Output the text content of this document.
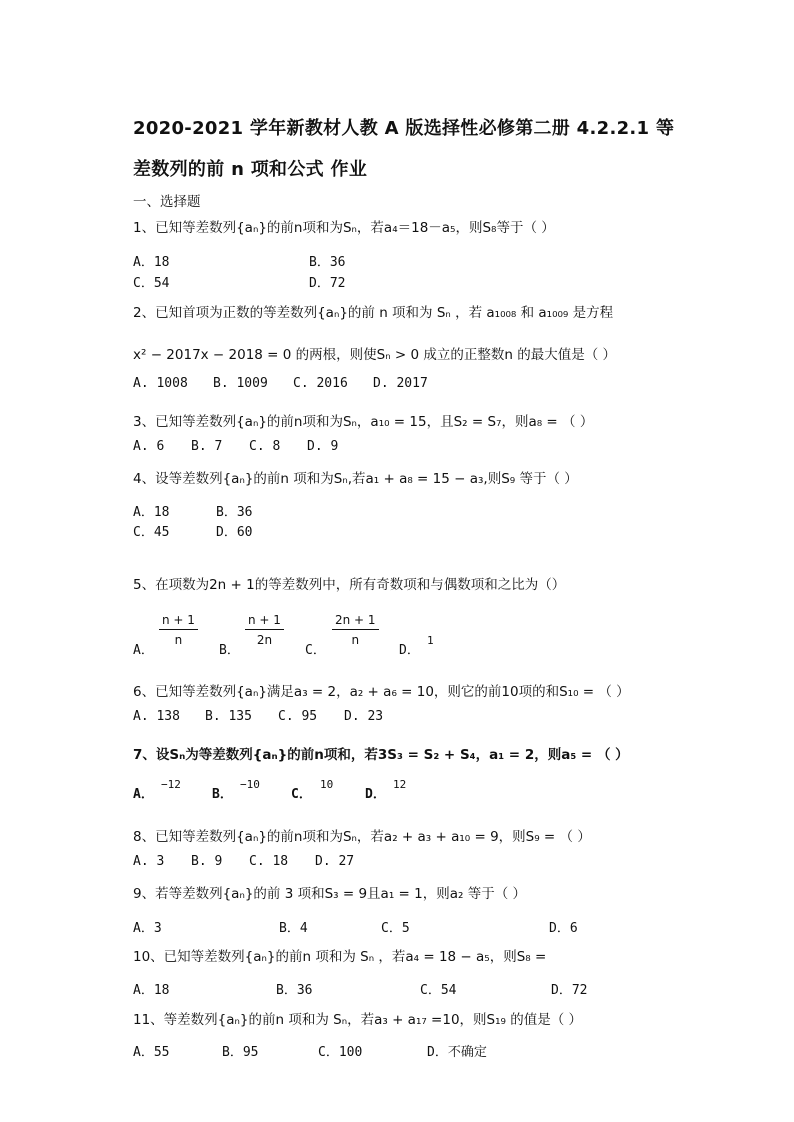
2020-2021 学年新教材人教 A 版选择性必修第二册 4.2.2.1 等
差数列的前 n 项和公式 作业
一、选择题
1、已知等差数列{aₙ}的前n项和为Sₙ，若a₄＝18－a₅，则S₈等于（ ）
A．18	B．36
C．54	D．72
2、已知首项为正数的等差数列{aₙ}的前 n 项和为 Sₙ ，若 a₁₀₀₈ 和 a₁₀₀₉ 是方程
x² − 2017x − 2018 = 0 的两根，则使Sₙ > 0 成立的正整数n 的最大值是（ ）
A. 1008 B. 1009 C. 2016 D. 2017
3、已知等差数列{aₙ}的前n项和为Sₙ，a₁₀ = 15，且S₂ = S₇，则a₈ = （ ）
A. 6 B. 7 C. 8 D. 9
4、设等差数列{aₙ}的前n 项和为Sₙ,若a₁ + a₈ = 15 − a₃,则S₉ 等于（ ）
A．18	B．36
C．45	D．60
5、在项数为2n + 1的等差数列中，所有奇数项和与偶数项和之比为（）
A．
$\frac{n + 1}{n}$
B．
$\frac{n + 1}{2n}$
C．
$\frac{2n + 1}{n}$
D．
1
6、已知等差数列{aₙ}满足a₃ = 2，a₂ + a₆ = 10，则它的前10项的和S₁₀ = （ ）
A. 138 B. 135 C. 95 D. 23
7、设Sₙ为等差数列{aₙ}的前n项和，若3S₃ = S₂ + S₄，a₁ = 2，则a₅ = （ ）
A．
−12
B．
−10
C．
10
D．
12
8、已知等差数列{aₙ}的前n项和为Sₙ，若a₂ + a₃ + a₁₀ = 9，则S₉ = （ ）
A. 3 B. 9 C. 18 D. 27
9、若等差数列{aₙ}的前 3 项和S₃ = 9且a₁ = 1，则a₂ 等于（ ）
A．3	B．4	C．5	D．6
10、已知等差数列{aₙ}的前n 项和为 Sₙ ，若a₄ = 18 − a₅，则S₈ =
A．18	B．36	C．54	D．72
11、等差数列{aₙ}的前n 项和为 Sₙ，若a₃ + a₁₇ =10，则S₁₉ 的值是（ ）
A．55	B．95	C．100	D．不确定
